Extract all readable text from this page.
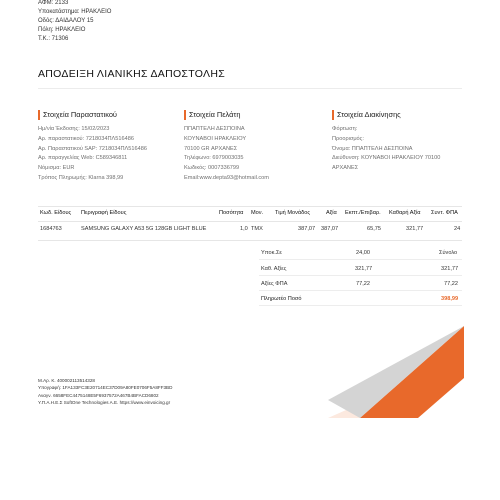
ΑΦΜ: 2133
Υποκατάστημα: ΗΡΑΚΛΕΙΟ
Οδός: ΔΑΙΔΑΛΟΥ 15
Πόλη: ΗΡΑΚΛΕΙΟ
Τ.Κ.: 71306
ΑΠΟΔΕΙΞΗ ΛΙΑΝΙΚΗΣ ΔΑΠΟΣΤΟΛΗΣ
Στοιχεία Παραστατικού
Ημ/νία Έκδοσης: 15/02/2023
Αρ. παραστατικού: 7218034ΠΛ516486
Αρ. Παραστατικού SAP: 7218034ΠΛ516486
Αρ. παραγγελίας Web: C589346811
Νόμισμα: EUR
Τρόπος Πληρωμής: Klarna 398,99
Στοιχεία Πελάτη
ΠΠΑΠΤΕΛΗ ΔΕΣΠΟΙΝΑ
ΚΟΥΝΑΒΟΙ ΗΡΑΚΛΕΙΟΥ
70100 GR ΑΡΧΑΝΕΣ
Τηλέφωνο: 6979003035
Κωδικός: 0007336799
Email:www.depta93@hotmail.com
Στοιχεία Διακίνησης
Φόρτωση:
Προορισμός:
Όνομα: ΠΠΑΠΤΕΛΗ ΔΕΣΠΟΙΝΑ
Διεύθυνση: ΚΟΥΝΑΒΟΙ ΗΡΑΚΛΕΙΟΥ 70100
ΑΡΧΑΝΕΣ
Κωδ. Είδους Περιγραφή Είδους	Ποσότητα Μον. Τιμή Μονάδος	Αξία Εκπτ./Επιβαρ. Καθαρή Αξία Συντ. ΦΠΑ
1684763	SAMSUNG GALAXY A53 5G 128GB LIGHT BLUE	1,0 TMX	387,07 387,07	65,75	321,77	24
Υποκ.Σε	24,00	Σύνολο
Καθ. Αξίες	321,77	321,77
Αξίες ΦΠΑ	77,22	77,22
Πληρωτέο Ποσό	398,99
Μ.Αρ. Κ. 400002113514328
Υπογραφή: 1FA133FC3E20714EC37D09A80FE0706F5A8FF3BD
Αναγν. 6658FEC4475148E5F6937572A467B4BFACD6802
Υ.Π.Α.Η.Ε.Σ SoftOne Technologies A.E. https://www.einvoicing.gr
